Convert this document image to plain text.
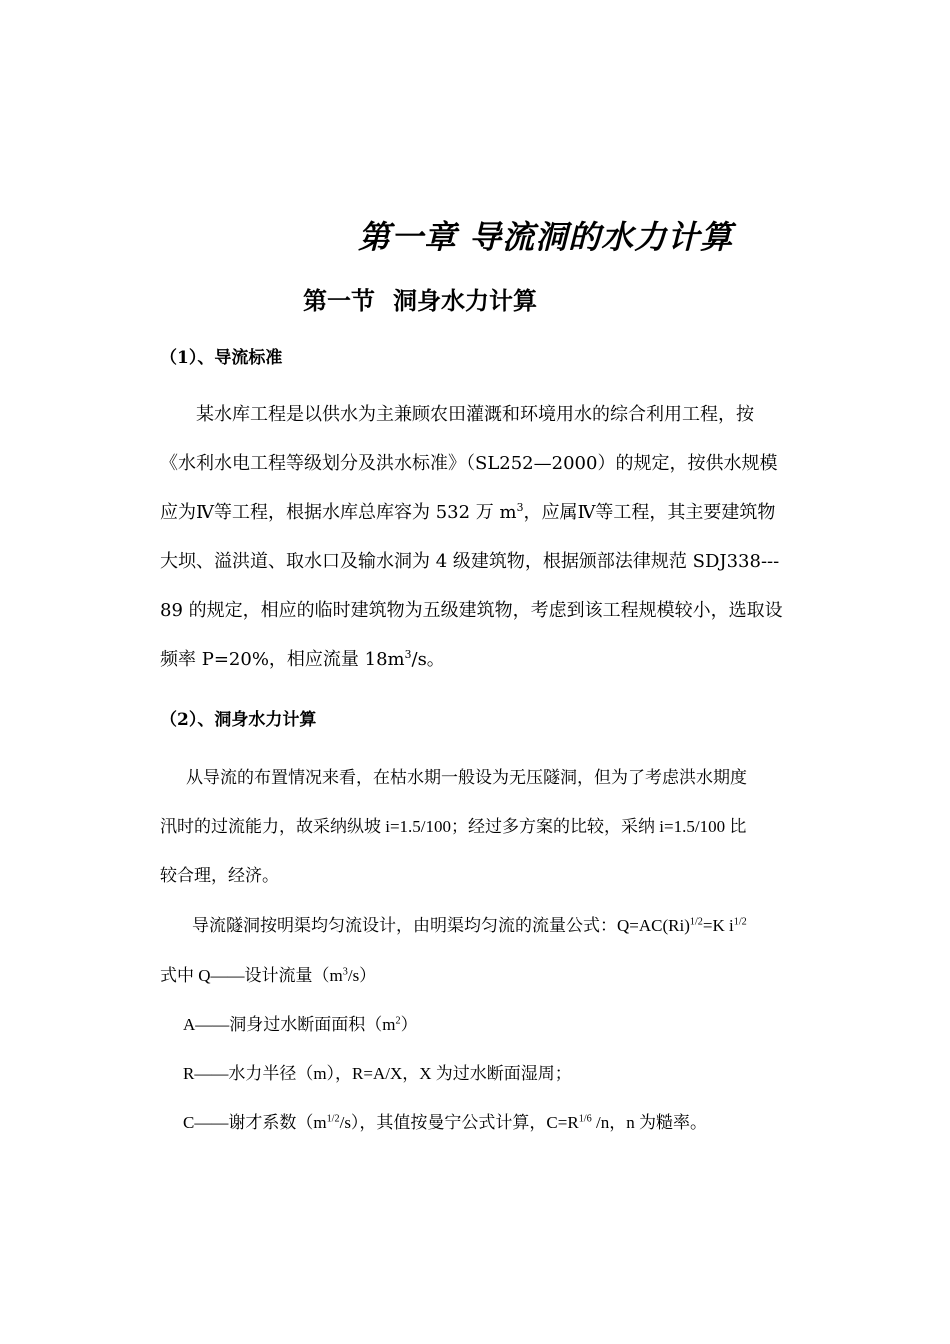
第一章 导流洞的水力计算
第一节 洞身水力计算
（1）、导流标准
某水库工程是以供水为主兼顾农田灌溉和环境用水的综合利用工程，按
《水利水电工程等级划分及洪水标准》（SL252—2000）的规定，按供水规模
应为Ⅳ等工程，根据水库总库容为 532 万 $m^3$，应属Ⅳ等工程，其主要建筑物
大坝、溢洪道、取水口及输水洞为 4 级建筑物，根据颁部法律规范 SDJ338---
89 的规定，相应的临时建筑物为五级建筑物，考虑到该工程规模较小，选取设
频率 P=20%，相应流量 $18m^3/s$。
（2）、洞身水力计算
从导流的布置情况来看，在枯水期一般设为无压隧洞，但为了考虑洪水期度
汛时的过流能力，故采纳纵坡 i=1.5/100；经过多方案的比较，采纳 i=1.5/100 比
较合理，经济。
导流隧洞按明渠均匀流设计，由明渠均匀流的流量公式：$Q=AC(Ri)^{1/2}=K$ $i^{1/2}$
式中 Q——设计流量$(m^3/s)$
A——洞身过水断面面积$(m^2)$
R——水力半径（m），R=A/X，X 为过水断面湿周；
C——谢才系数$(m^{1/2}/s)$，其值按曼宁公式计算，$C=R^{1/6}$ /n，n 为糙率。
